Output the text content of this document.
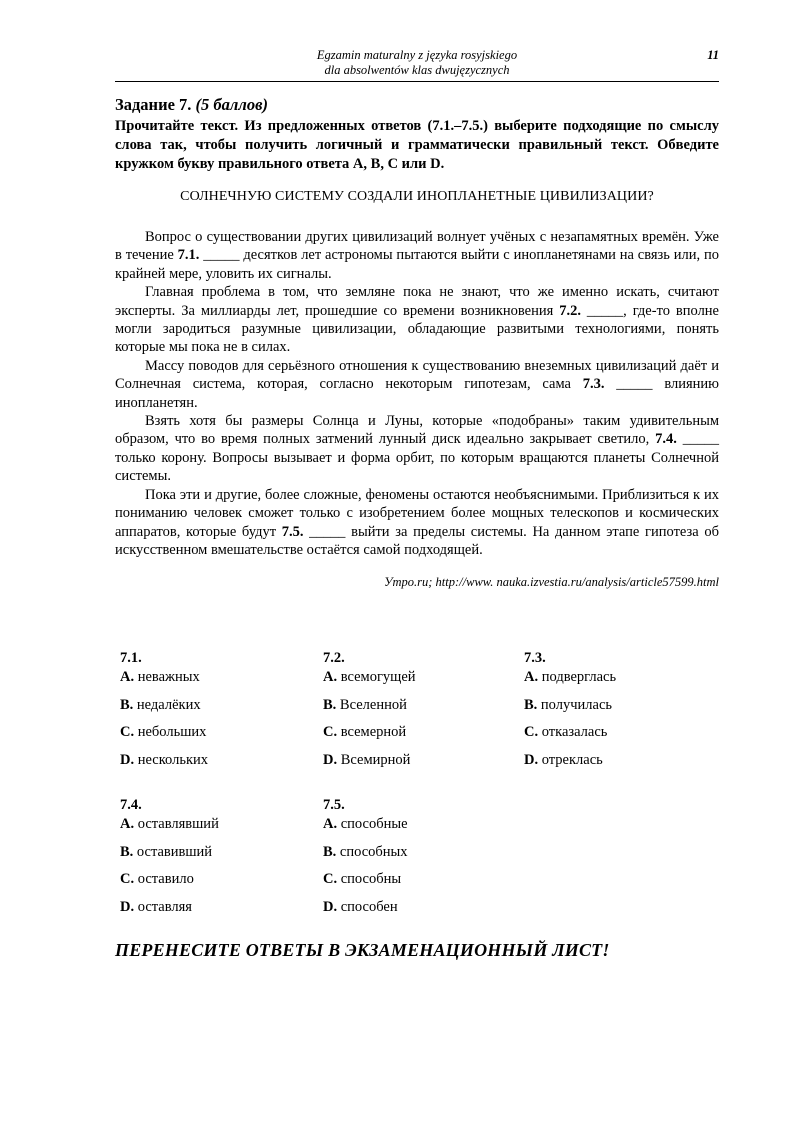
Egzamin maturalny z języka rosyjskiego
dla absolwentów klas dwujęzycznych
11
Задание 7. (5 баллов)

Прочитайте текст. Из предложенных ответов (7.1.–7.5.) выберите подходящие по смыслу слова так, чтобы получить логичный и грамматически правильный текст. Обведите кружком букву правильного ответа A, B, C или D.

СОЛНЕЧНУЮ СИСТЕМУ СОЗДАЛИ ИНОПЛАНЕТНЫЕ ЦИВИЛИЗАЦИИ?

Вопрос о существовании других цивилизаций волнует учёных с незапамятных времён. Уже в течение 7.1. _____ десятков лет астрономы пытаются выйти с инопланетянами на связь или, по крайней мере, уловить их сигналы.

Главная проблема в том, что земляне пока не знают, что же именно искать, считают эксперты. За миллиарды лет, прошедшие со времени возникновения 7.2. _____, где-то вполне могли зародиться разумные цивилизации, обладающие развитыми технологиями, понять которые мы пока не в силах.

Массу поводов для серьёзного отношения к существованию внеземных цивилизаций даёт и Солнечная система, которая, согласно некоторым гипотезам, сама 7.3. _____ влиянию инопланетян.

Взять хотя бы размеры Солнца и Луны, которые «подобраны» таким удивительным образом, что во время полных затмений лунный диск идеально закрывает светило, 7.4. _____ только корону. Вопросы вызывает и форма орбит, по которым вращаются планеты Солнечной системы.

Пока эти и другие, более сложные, феномены остаются необъяснимыми. Приблизиться к их пониманию человек сможет только с изобретением более мощных телескопов и космических аппаратов, которые будут 7.5. _____ выйти за пределы системы. На данном этапе гипотеза об искусственном вмешательстве остаётся самой подходящей.

Утро.ru; http://www. nauka.izvestia.ru/analysis/article57599.html
7.1.
A. неважных
B. недалёких
C. небольших
D. нескольких
7.2.
A. всемогущей
B. Вселенной
C. всемерной
D. Всемирной
7.3.
A. подверглась
B. получилась
C. отказалась
D. отреклась
7.4.
A. оставлявший
B. оставивший
C. оставило
D. оставляя
7.5.
A. способные
B. способных
C. способны
D. способен
ПЕРЕНЕСИТЕ ОТВЕТЫ В ЭКЗАМЕНАЦИОННЫЙ ЛИСТ!
